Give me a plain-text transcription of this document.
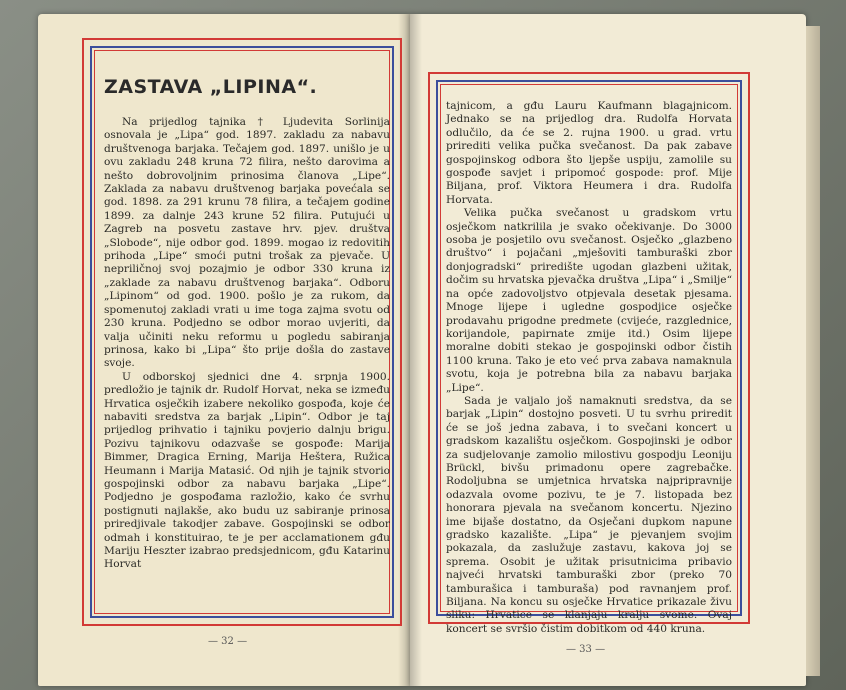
ZASTAVA „LIPINA“.

Na prijedlog tajnika † Ljudevita Sorlinija osnovala je „Lipa“ god. 1897. zakladu za nabavu društvenoga barjaka. Tečajem god. 1897. unišlo je u ovu zakladu 248 kruna 72 filira, nešto darovima a nešto dobrovoljnim prinosima članova „Lipe“. Zaklada za nabavu društvenog barjaka povećala se god. 1898. za 291 krunu 78 filira, a tečajem godine 1899. za dalnje 243 krune 52 filira. Putujući u Zagreb na posvetu zastave hrv. pjev. društva „Slobode“, nije odbor god. 1899. mogao iz redovitih prihoda „Lipe“ smoći putni trošak za pjevače. U nepriličnoj svoj pozajmio je odbor 330 kruna iz „zaklade za nabavu društvenog barjaka“. Odboru „Lipinom“ od god. 1900. pošlo je za rukom, da spomenutoj zakladi vrati u ime toga zajma svotu od 230 kruna. Podjedno se odbor morao uvjeriti, da valja učiniti neku reformu u pogledu sabiranja prinosa, kako bi „Lipa“ što prije došla do zastave svoje.

U odborskoj sjednici dne 4. srpnja 1900. predložio je tajnik dr. Rudolf Horvat, neka se između Hrvatica osječkih izabere nekoliko gospođa, koje će nabaviti sredstva za barjak „Lipin“. Odbor je taj prijedlog prihvatio i tajniku povjerio dalnju brigu. Pozivu tajnikovu odazvaše se gospođe: Marija Bimmer, Dragica Erning, Marija Heštera, Ružica Heumann i Marija Matasić. Od njih je tajnik stvorio gospojinski odbor za nabavu barjaka „Lipe“. Podjedno je gospođama razložio, kako će svrhu postignuti najlakše, ako budu uz sabiranje prinosa priredjivale takodjer zabave. Gospojinski se odbor odmah i konstituirao, te je per acclamationem gđu Mariju Heszter izabrao predsjednicom, gđu Katarinu Horvat

tajnicom, a gđu Lauru Kaufmann blagajnicom. Jednako se na prijedlog dra. Rudolfa Horvata odlučilo, da će se 2. rujna 1900. u grad. vrtu prirediti velika pučka svečanost. Da pak zabave gospojinskog odbora što ljepše uspiju, zamolile su gospođe savjet i pripomoć gospode: prof. Mije Biljana, prof. Viktora Heumera i dra. Rudolfa Horvata.

Velika pučka svečanost u gradskom vrtu osječkom natkrilila je svako očekivanje. Do 3000 osoba je posjetilo ovu svečanost. Osječko „glazbeno društvo“ i pojačani „mješoviti tamburaški zbor donjogradski“ priredište ugodan glazbeni užitak, dočim su hrvatska pjevačka društva „Lipa“ i „Smilje“ na opće zadovoljstvo otpjevala desetak pjesama. Mnoge lijepe i ugledne gospodjice osječke prodavahu prigodne predmete (cvijeće, razglednice, korijandole, papirnate zmije itd.) Osim lijepe moralne dobiti stekao je gospojinski odbor čistih 1100 kruna. Tako je eto već prva zabava namaknula svotu, koja je potrebna bila za nabavu barjaka „Lipe“.

Sada je valjalo još namaknuti sredstva, da se barjak „Lipin“ dostojno posveti. U tu svrhu priredit će se još jedna zabava, i to svečani koncert u gradskom kazalištu osječkom. Gospojinski je odbor za sudjelovanje zamolio milostivu gospodju Leoniju Brückl, bivšu primadonu opere zagrebačke. Rodoljubna se umjetnica hrvatska najpripravnije odazvala ovome pozivu, te je 7. listopada bez honorara pjevala na svečanom koncertu. Njezino ime bijaše dostatno, da Osječani dupkom napune gradsko kazalište. „Lipa“ je pjevanjem svojim pokazala, da zaslužuje zastavu, kakova joj se sprema. Osobit je užitak prisutnicima pribavio najveći hrvatski tamburaški zbor (preko 70 tamburašica i tamburaša) pod ravnanjem prof. Biljana. Na koncu su osječke Hrvatice prikazale živu sliku: Hrvatice se klanjaju kralju svome. Ovaj koncert se svršio čistim dobitkom od 440 kruna.

— 32 —
— 33 —
